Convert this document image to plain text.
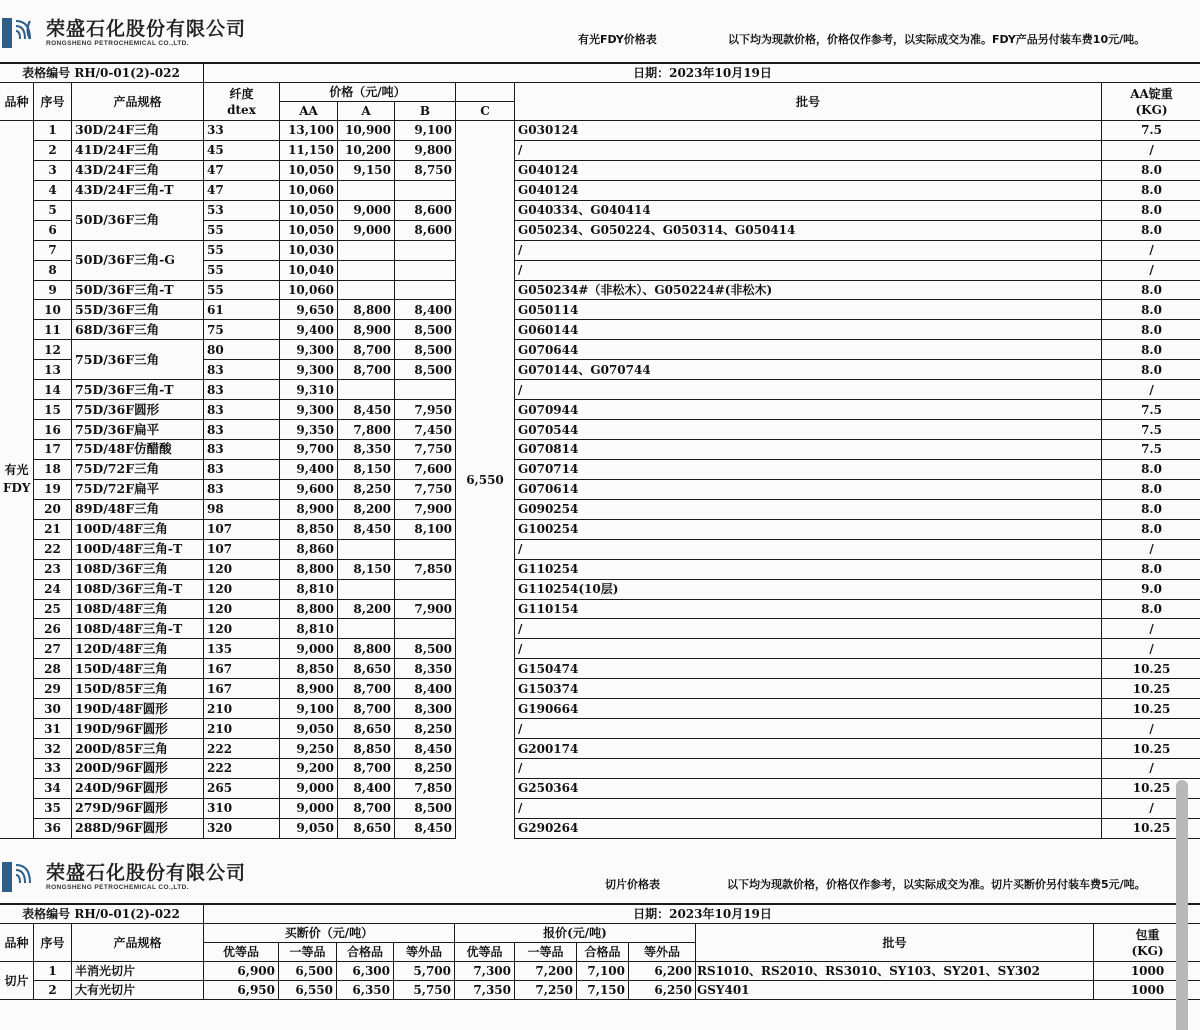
荣盛石化股份有限公司
RONGSHENG PETROCHEMICAL CO.,LTD.	有光FDY价格表	以下均为现款价格，价格仅作参考，以实际成交为准。FDY产品另付装车费10元/吨。
表格编号 RH/0-01(2)-022			日期：2023年10月19日						
品种	序号	产品规格	
纤度
dtex
	价格（元/吨）		批号	
AA锭重
(KG)

				AA	A	B	C		

有光
FDY	1	30D/24F三角	33	13,100	10,900	9,100	6,550	G030124	7.5
	2	41D/24F三角	45	11,150	10,200	9,800		/	/
	3	43D/24F三角	47	10,050	9,150	8,750		G040124	8.0
	4	43D/24F三角-T	47	10,060				G040124	8.0
	5	50D/36F三角	53	10,050	9,000	8,600		G040334、G040414	8.0
	6		55	10,050	9,000	8,600		G050234、G050224、G050314、G050414	8.0
	7	50D/36F三角-G	55	10,030				/	/
	8		55	10,040				/	/
	9	50D/36F三角-T	55	10,060				G050234#（非松木）、G050224#(非松木)	8.0
	10	55D/36F三角	61	9,650	8,800	8,400		G050114	8.0
	11	68D/36F三角	75	9,400	8,900	8,500		G060144	8.0
	12	75D/36F三角	80	9,300	8,700	8,500		G070644	8.0
	13		83	9,300	8,700	8,500		G070144、G070744	8.0
	14	75D/36F三角-T	83	9,310				/	/
	15	75D/36F圆形	83	9,300	8,450	7,950		G070944	7.5
	16	75D/36F扁平	83	9,350	7,800	7,450		G070544	7.5
	17	75D/48F仿醋酸	83	9,700	8,350	7,750		G070814	7.5
	18	75D/72F三角	83	9,400	8,150	7,600		G070714	8.0
	19	75D/72F扁平	83	9,600	8,250	7,750		G070614	8.0
	20	89D/48F三角	98	8,900	8,200	7,900		G090254	8.0
	21	100D/48F三角	107	8,850	8,450	8,100		G100254	8.0
	22	100D/48F三角-T	107	8,860				/	/
	23	108D/36F三角	120	8,800	8,150	7,850		G110254	8.0
	24	108D/36F三角-T	120	8,810				G110254(10层)	9.0
	25	108D/48F三角	120	8,800	8,200	7,900		G110154	8.0
	26	108D/48F三角-T	120	8,810				/	/
	27	120D/48F三角	135	9,000	8,800	8,500		/	/
	28	150D/48F三角	167	8,850	8,650	8,350		G150474	10.25
	29	150D/85F三角	167	8,900	8,700	8,400		G150374	10.25
	30	190D/48F圆形	210	9,100	8,700	8,300		G190664	10.25
	31	190D/96F圆形	210	9,050	8,650	8,250		/	/
	32	200D/85F三角	222	9,250	8,850	8,450		G200174	10.25
	33	200D/96F圆形	222	9,200	8,700	8,250		/	/
	34	240D/96F圆形	265	9,000	8,400	7,850		G250364	10.25
	35	279D/96F圆形	310	9,000	8,700	8,500		/	/
	36	288D/96F圆形	320	9,050	8,650	8,450		G290264	10.25
荣盛石化股份有限公司
RONGSHENG PETROCHEMICAL CO.,LTD.	切片价格表	以下均为现款价格，价格仅作参考，以实际成交为准。切片买断价另付装车费5元/吨。
表格编号 RH/0-01(2)-022			日期：2023年10月19日									
品种	序号	产品规格	买断价（元/吨）				报价(元/吨)				批号	包重
(KG)

			优等品	一等品	合格品	等外品	优等品	一等品	合格品	等外品		
切片	1	半消光切片	6,900	6,500	6,300	5,700	7,300	7,200	7,100	6,200	RS1010、RS2010、RS3010、SY103、SY201、SY302	1000
	2	大有光切片	6,950	6,550	6,350	5,750	7,350	7,250	7,150	6,250	GSY401	1000
